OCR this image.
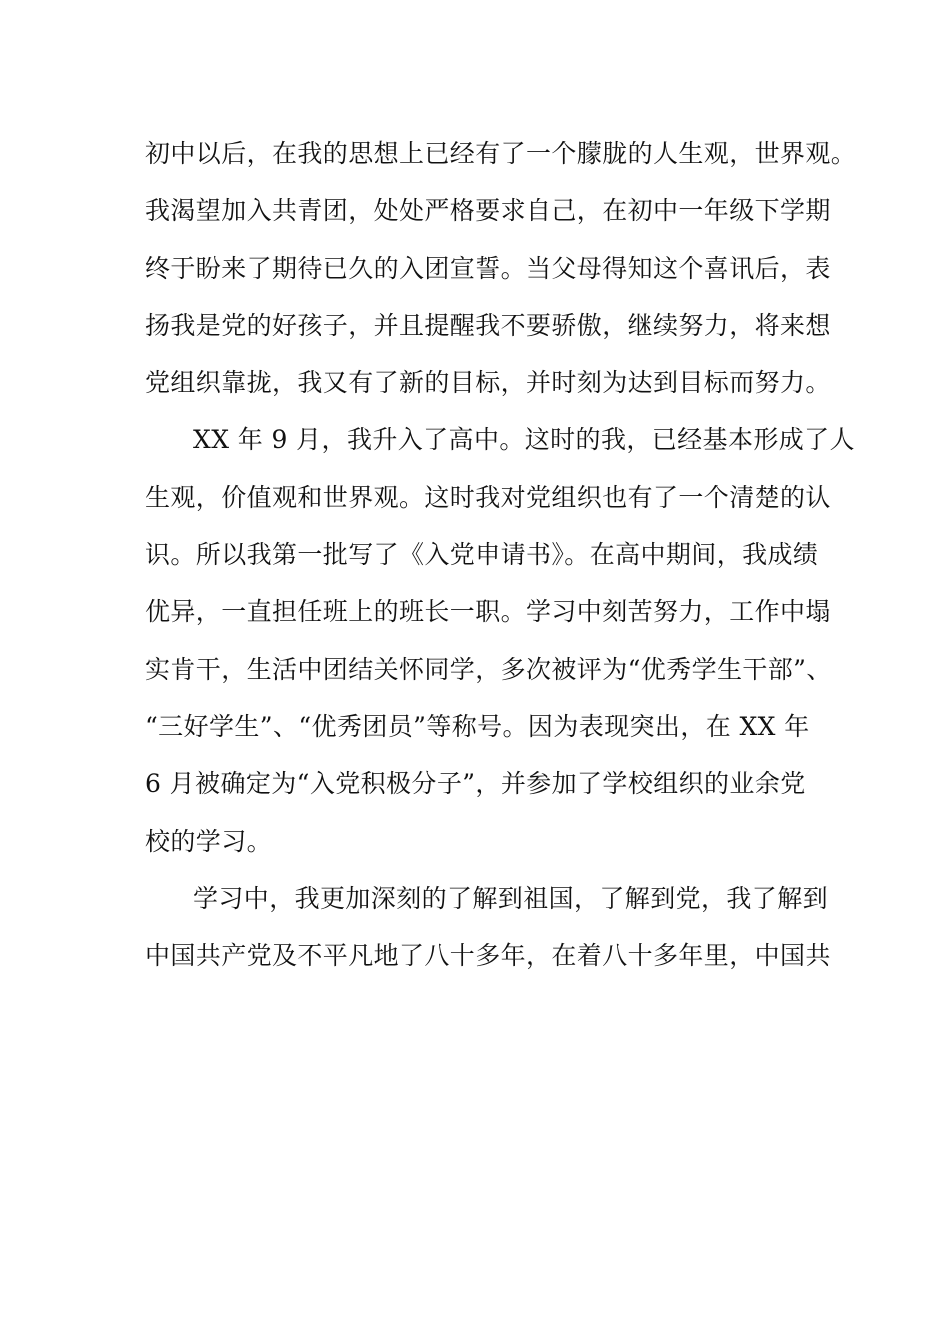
初中以后，在我的思想上已经有了一个朦胧的人生观，世界观。

我渴望加入共青团，处处严格要求自己，在初中一年级下学期

终于盼来了期待已久的入团宣誓。当父母得知这个喜讯后，表

扬我是党的好孩子，并且提醒我不要骄傲，继续努力，将来想

党组织靠拢，我又有了新的目标，并时刻为达到目标而努力。

XX 年 9 月，我升入了高中。这时的我，已经基本形成了人

生观，价值观和世界观。这时我对党组织也有了一个清楚的认

识。所以我第一批写了《入党申请书》。在高中期间，我成绩

优异，一直担任班上的班长一职。学习中刻苦努力，工作中塌

实肯干，生活中团结关怀同学，多次被评为“优秀学生干部”、

“三好学生”、“优秀团员”等称号。因为表现突出，在 XX 年

6 月被确定为“入党积极分子”，并参加了学校组织的业余党

校的学习。

学习中，我更加深刻的了解到祖国，了解到党，我了解到

中国共产党及不平凡地了八十多年，在着八十多年里，中国共
